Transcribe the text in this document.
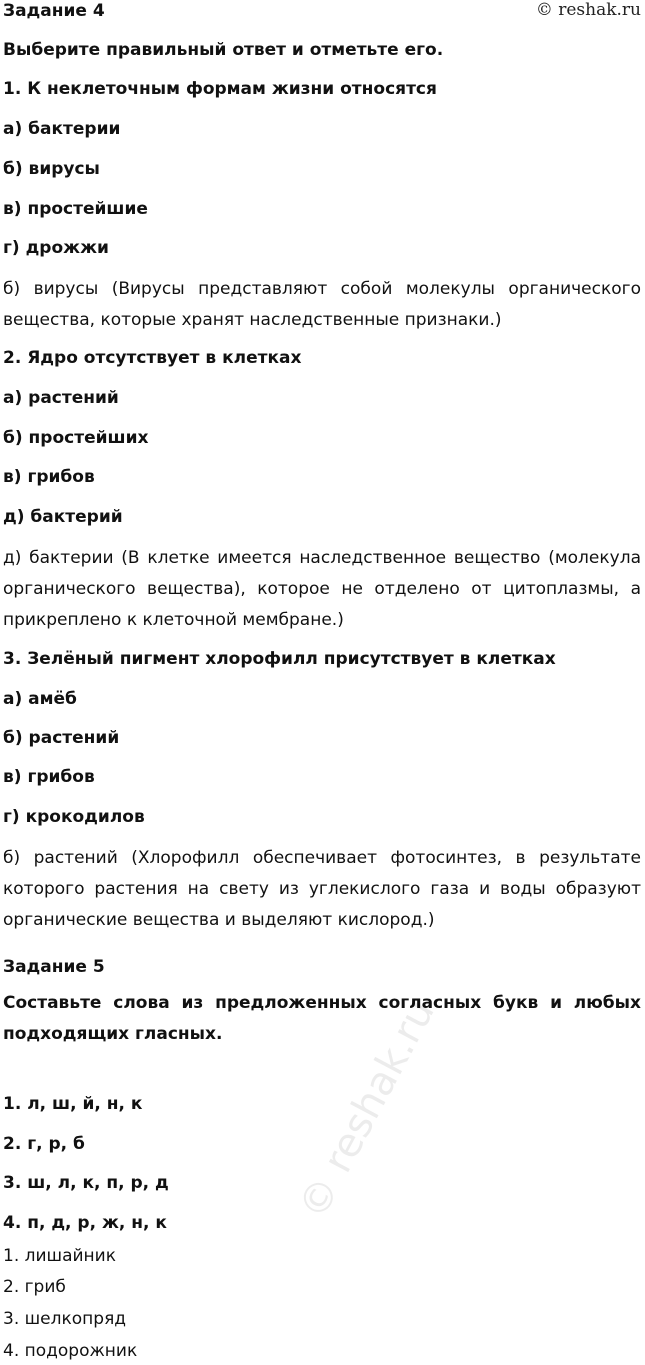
Задание 4	© reshak.ru
Выберите правильный ответ и отметьте его.
1. К неклеточным формам жизни относятся
а) бактерии
б) вирусы
в) простейшие
г) дрожжи
б) вирусы (Вирусы представляют собой молекулы органического вещества, которые хранят наследственные признаки.)
2. Ядро отсутствует в клетках
а) растений
б) простейших
в) грибов
д) бактерий
д) бактерии (В клетке имеется наследственное вещество (молекула органического вещества), которое не отделено от цитоплазмы, а прикреплено к клеточной мембране.)
3. Зелёный пигмент хлорофилл присутствует в клетках
а) амёб
б) растений
в) грибов
г) крокодилов
б) растений (Хлорофилл обеспечивает фотосинтез, в результате которого растения на свету из углекислого газа и воды образуют органические вещества и выделяют кислород.)
Задание 5
Составьте слова из предложенных согласных букв и любых подходящих гласных.
1. л, ш, й, н, к
2. г, р, б
3. ш, л, к, п, р, д
4. п, д, р, ж, н, к
1. лишайник
2. гриб
3. шелкопряд
© reshak.ru
4. подорожник
